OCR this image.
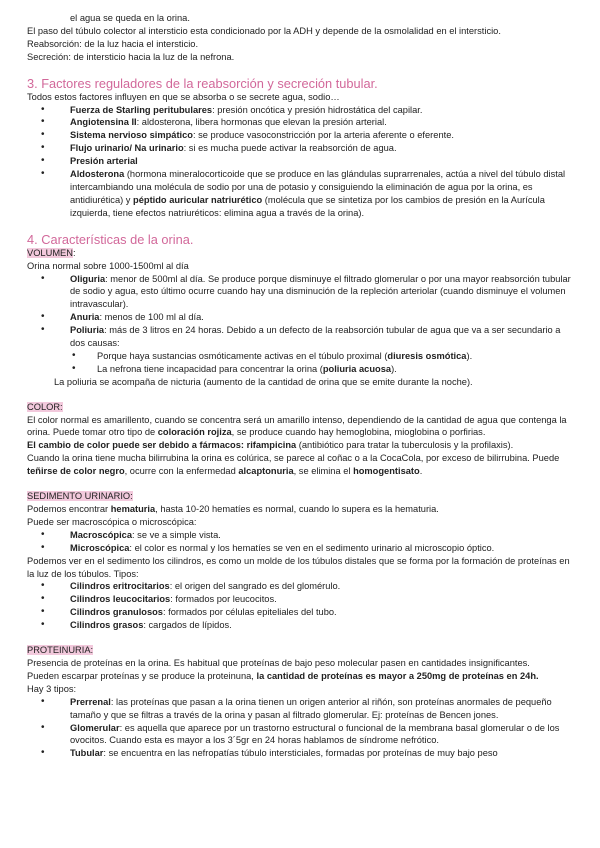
el agua se queda en la orina.

El paso del túbulo colector al intersticio esta condicionado por la ADH y depende de la osmolalidad en el intersticio.

Reabsorción: de la luz hacia el intersticio.

Secreción: de intersticio hacia la luz de la nefrona.

3. Factores reguladores de la reabsorción y secreción tubular.

Todos estos factores influyen en que se absorba o se secrete agua, sodio…

• Fuerza de Starling peritubulares: presión oncótica y presión hidrostática del capilar.
• Angiotensina II: aldosterona, libera hormonas que elevan la presión arterial.
• Sistema nervioso simpático: se produce vasoconstricción por la arteria aferente o eferente.
• Flujo urinario/ Na urinario: si es mucha puede activar la reabsorción de agua.
• Presión arterial
• Aldosterona (hormona mineralocorticoide que se produce en las glándulas suprarrenales, actúa a nivel del túbulo distal intercambiando una molécula de sodio por una de potasio y consiguiendo la eliminación de agua por la orina, es antidiurética) y péptido auricular natriurético (molécula que se sintetiza por los cambios de presión en la Aurícula izquierda, tiene efectos natriuréticos: elimina agua a través de la orina).
4. Características de la orina.

VOLUMEN:

Orina normal sobre 1000-1500ml al día

• Oliguria: menor de 500ml al día. Se produce porque disminuye el filtrado glomerular o por una mayor reabsorción tubular de sodio y agua, esto último ocurre cuando hay una disminución de la repleción arteriolar (cuando disminuye el volumen intravascular).
• Anuria: menos de 100 ml al día.
• Poliuria: más de 3 litros en 24 horas. Debido a un defecto de la reabsorción tubular de agua que va a ser secundario a dos causas:
• Porque haya sustancias osmóticamente activas en el túbulo proximal (diuresis osmótica).
• La nefrona tiene incapacidad para concentrar la orina (poliuria acuosa).

La poliuria se acompaña de nicturia (aumento de la cantidad de orina que se emite durante la noche).

COLOR:

El color normal es amarillento, cuando se concentra será un amarillo intenso, dependiendo de la cantidad de agua que contenga la orina. Puede tomar otro tipo de coloración rojiza, se produce cuando hay hemoglobina, mioglobina o porfirias.

El cambio de color puede ser debido a fármacos: rifampicina (antibiótico para tratar la tuberculosis y la profilaxis).

Cuando la orina tiene mucha bilirrubina la orina es colúrica, se parece al coñac o a la CocaCola, por exceso de bilirrubina. Puede teñirse de color negro, ocurre con la enfermedad alcaptonuria, se elimina el homogentisato.

SEDIMENTO URINARIO:

Podemos encontrar hematuria, hasta 10-20 hematíes es normal, cuando lo supera es la hematuria.

Puede ser macroscópica o microscópica:

• Macroscópica: se ve a simple vista.
• Microscópica: el color es normal y los hematíes se ven en el sedimento urinario al microscopio óptico.

Podemos ver en el sedimento los cilindros, es como un molde de los túbulos distales que se forma por la formación de proteínas en la luz de los túbulos. Tipos:

• Cilindros eritrocitarios: el origen del sangrado es del glomérulo.
• Cilindros leucocitarios: formados por leucocitos.
• Cilindros granulosos: formados por células epiteliales del tubo.
• Cilindros grasos: cargados de lípidos.

PROTEINURIA:

Presencia de proteínas en la orina. Es habitual que proteínas de bajo peso molecular pasen en cantidades insignificantes.

Pueden escarpar proteínas y se produce la proteinuna, la cantidad de proteínas es mayor a 250mg de proteínas en 24h.

Hay 3 tipos:

• Prerrenal: las proteínas que pasan a la orina tienen un origen anterior al riñón, son proteínas anormales de pequeño tamaño y que se filtras a través de la orina y pasan al filtrado glomerular. Ej: proteínas de Bencen jones.
• Glomerular: es aquella que aparece por un trastorno estructural o funcional de la membrana basal glomerular o de los ovocitos. Cuando esta es mayor a los 3´5gr en 24 horas hablamos de síndrome nefrótico.
• Tubular: se encuentra en las nefropatías túbulo intersticiales, formadas por proteínas de muy bajo peso
